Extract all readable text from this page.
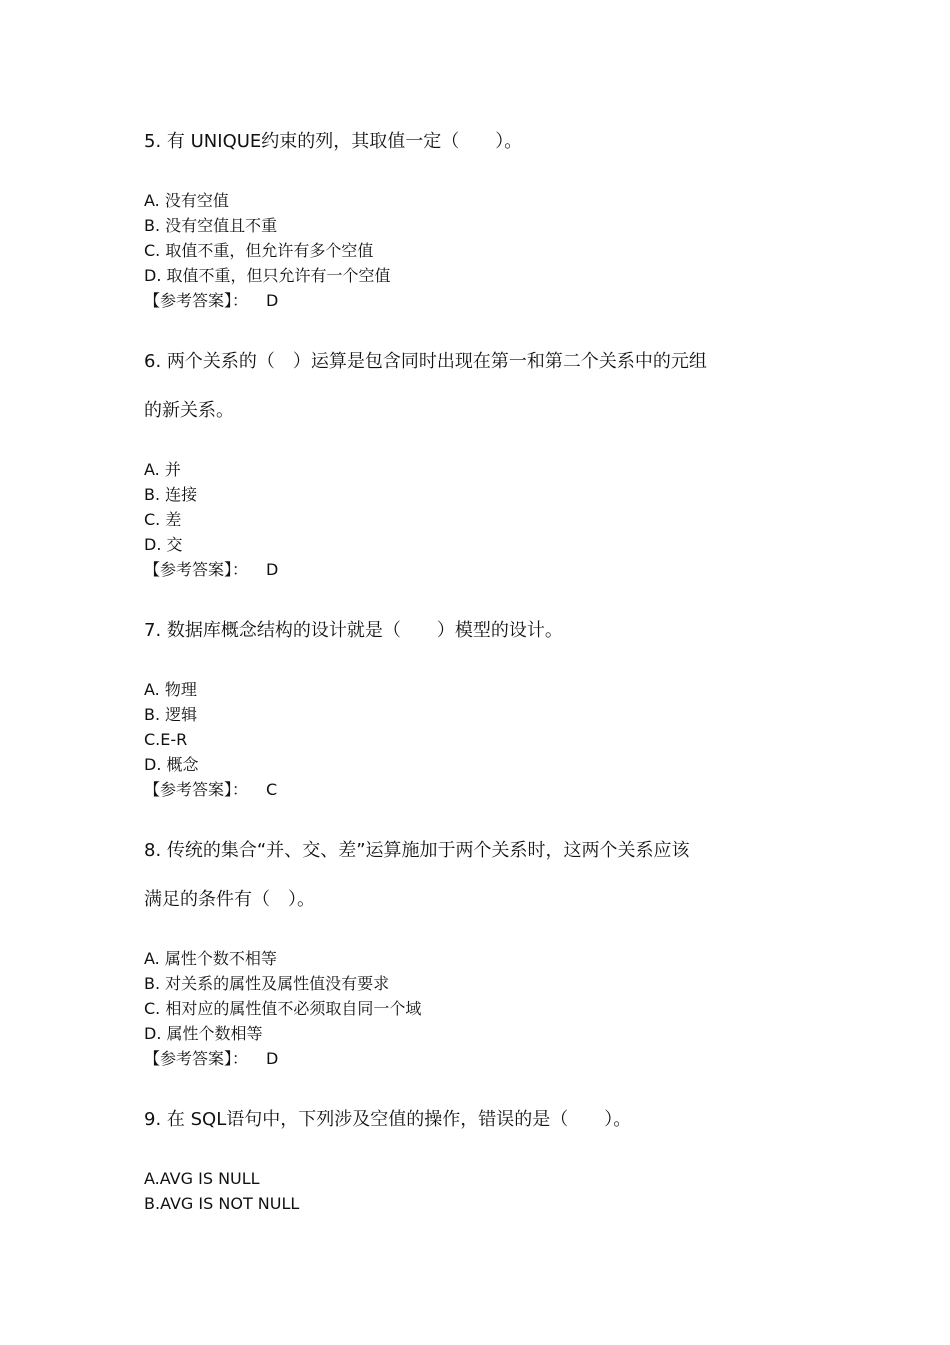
5. 有 UNIQUE约束的列，其取值一定（　　）。
A. 没有空值
B. 没有空值且不重
C. 取值不重，但允许有多个空值
D. 取值不重，但只允许有一个空值
【参考答案】： D
6. 两个关系的（　）运算是包含同时出现在第一和第二个关系中的元组
的新关系。
A. 并
B. 连接
C. 差
D. 交
【参考答案】： D
7. 数据库概念结构的设计就是（　　）模型的设计。
A. 物理
B. 逻辑
C.E-R
D. 概念
【参考答案】： C
8. 传统的集合“并、交、差”运算施加于两个关系时，这两个关系应该
满足的条件有（　）。
A. 属性个数不相等
B. 对关系的属性及属性值没有要求
C. 相对应的属性值不必须取自同一个域
D. 属性个数相等
【参考答案】： D
9. 在 SQL语句中，下列涉及空值的操作，错误的是（　　）。
A.AVG IS NULL
B.AVG IS NOT NULL
